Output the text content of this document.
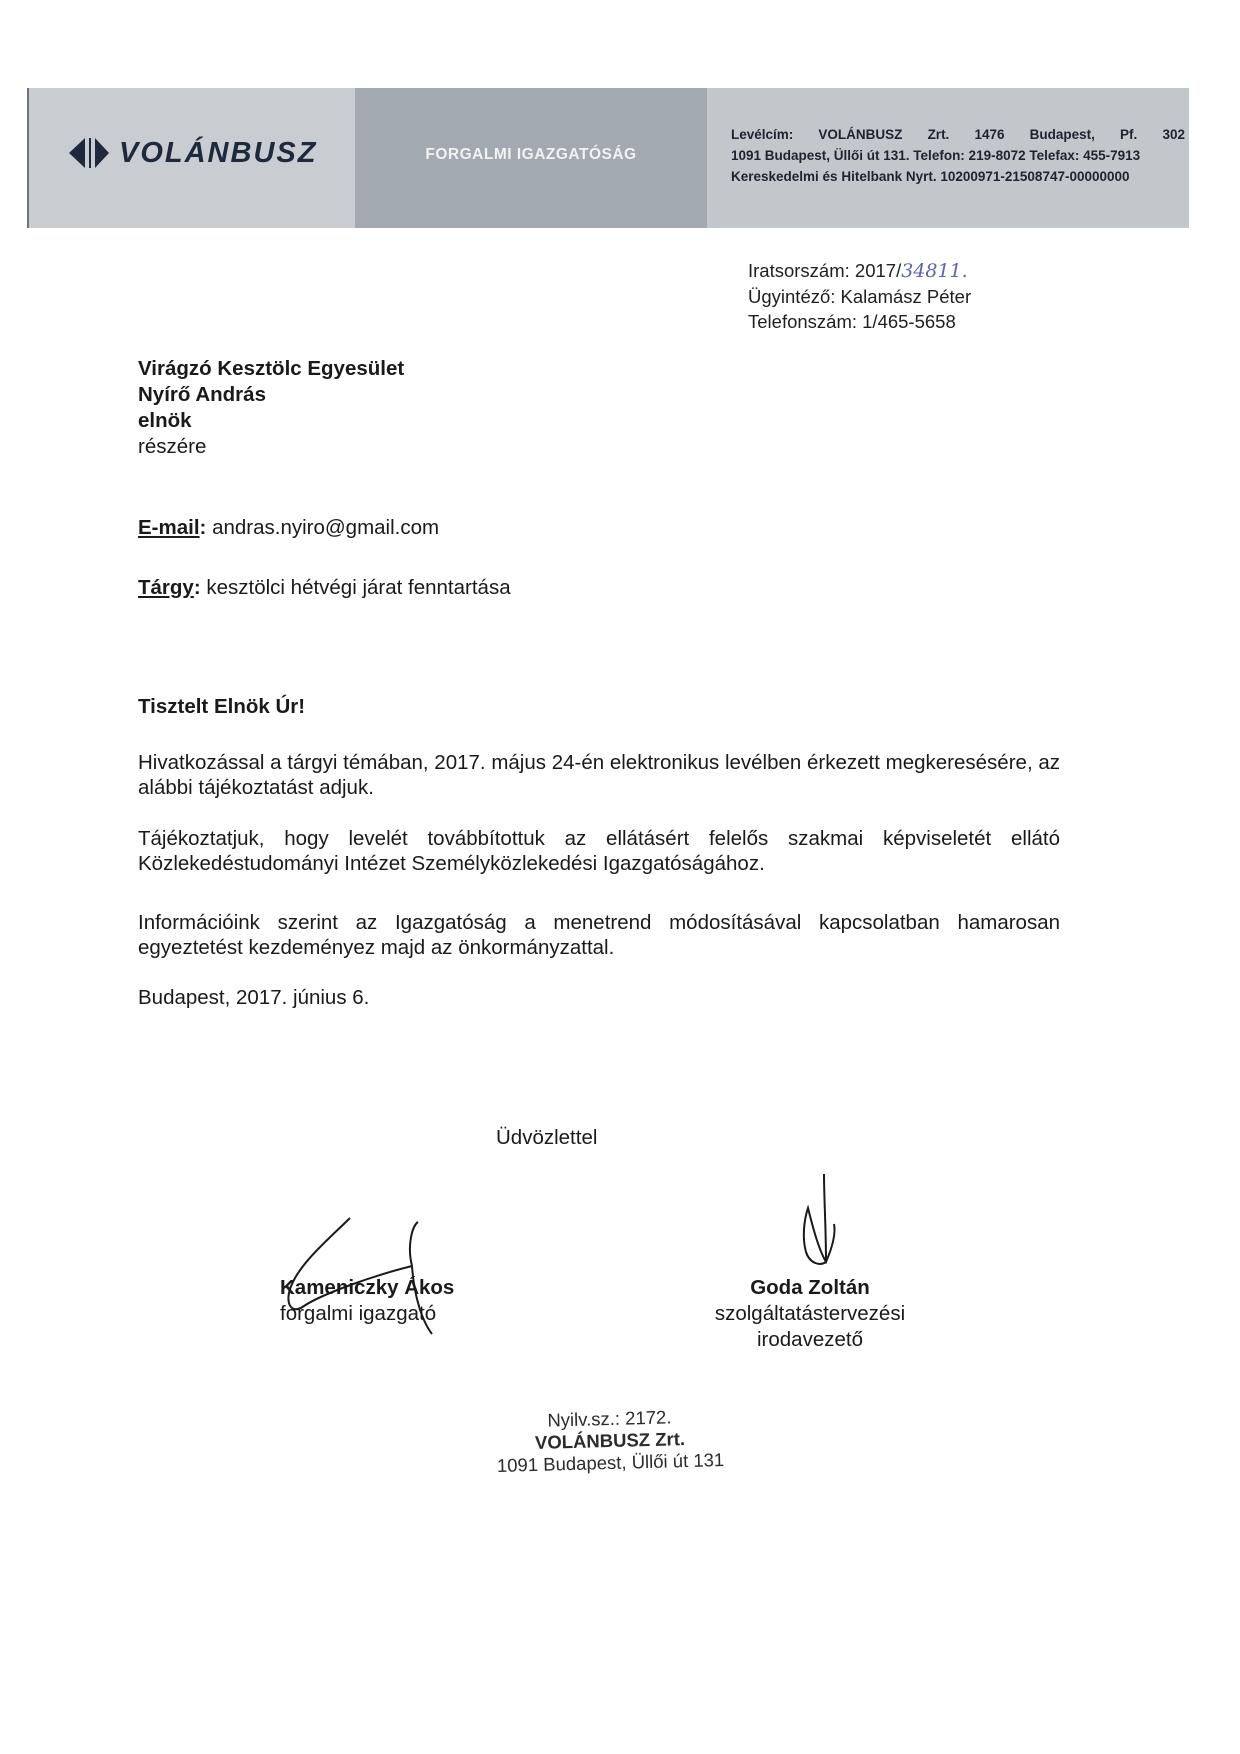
VOLÁNBUSZ	FORGALMI IGAZGATÓSÁG
Levélcím: VOLÁNBUSZ Zrt. 1476 Budapest, Pf. 302
1091 Budapest, Üllői út 131. Telefon: 219-8072 Telefax: 455-7913
Kereskedelmi és Hitelbank Nyrt. 10200971-21508747-00000000
Iratsorszám: 2017/34811.
Ügyintéző: Kalamász Péter
Telefonszám: 1/465-5658
Virágzó Kesztölc Egyesület
Nyírő András
elnök
részére
E-mail: andras.nyiro@gmail.com
Tárgy: kesztölci hétvégi járat fenntartása
Tisztelt Elnök Úr!
Hivatkozással a tárgyi témában, 2017. május 24-én elektronikus levélben érkezett megkeresésére, az alábbi tájékoztatást adjuk.
Tájékoztatjuk, hogy levelét továbbítottuk az ellátásért felelős szakmai képviseletét ellátó Közlekedéstudományi Intézet Személyközlekedési Igazgatóságához.
Információink szerint az Igazgatóság a menetrend módosításával kapcsolatban hamarosan egyeztetést kezdeményez majd az önkormányzattal.
Budapest, 2017. június 6.
Üdvözlettel
Kameniczky Ákos
forgalmi igazgató
Goda Zoltán
szolgáltatástervezési
irodavezető
Nyilv.sz.: 2172.
VOLÁNBUSZ Zrt.
1091 Budapest, Üllői út 131
